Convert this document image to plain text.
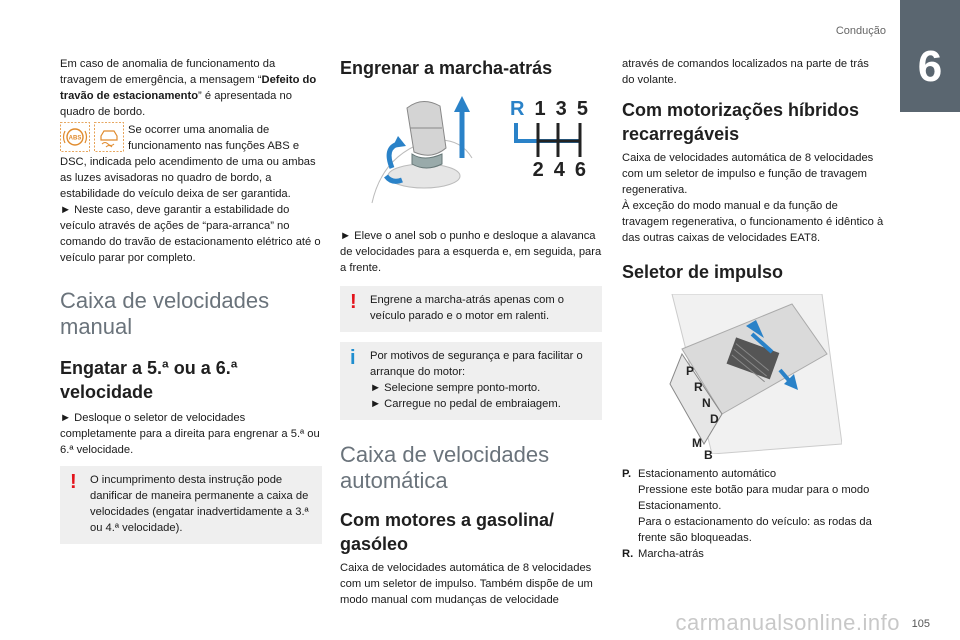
Condução
6

Em caso de anomalia de funcionamento da travagem de emergência, a mensagem “Defeito do travão de estacionamento” é apresentada no quadro de bordo.

ABS

Se ocorrer uma anomalia de funcionamento nas funções ABS e

DSC, indicada pelo acendimento de uma ou ambas as luzes avisadoras no quadro de bordo, a estabilidade do veículo deixa de ser garantida.

► Neste caso, deve garantir a estabilidade do veículo através de ações de “para-arranca” no comando do travão de estacionamento elétrico até o veículo parar por completo.

Caixa de velocidades manual
Engatar a 5.ª ou a 6.ª velocidade

► Desloque o seletor de velocidades completamente para a direita para engrenar a 5.ª ou 6.ª velocidade.

! O incumprimento desta instrução pode danificar de maneira permanente a caixa de velocidades (engatar inadvertidamente a 3.ª ou 4.ª velocidade).
Engrenar a marcha-atrás
R 1 3 5
2 4 6

► Eleve o anel sob o punho e desloque a alavanca de velocidades para a esquerda e, em seguida, para a frente.

! Engrene a marcha-atrás apenas com o veículo parado e o motor em ralenti.
i Por motivos de segurança e para facilitar o arranque do motor:
► Selecione sempre ponto-morto.
► Carregue no pedal de embraiagem.
Caixa de velocidades automática
Com motores a gasolina/ gasóleo

Caixa de velocidades automática de 8 velocidades com um seletor de impulso. Também dispõe de um modo manual com mudanças de velocidade

através de comandos localizados na parte de trás do volante.

Com motorizações híbridos recarregáveis

Caixa de velocidades automática de 8 velocidades com um seletor de impulso e função de travagem regenerativa.

À exceção do modo manual e da função de travagem regenerativa, o funcionamento é idêntico à das outras caixas de velocidades EAT8.

Seletor de impulso
P
R
N
D
M
B
P. Estacionamento automático
Pressione este botão para mudar para o modo Estacionamento.
Para o estacionamento do veículo: as rodas da frente são bloqueadas.
R. Marcha-atrás
carmanualsonline.info 105
